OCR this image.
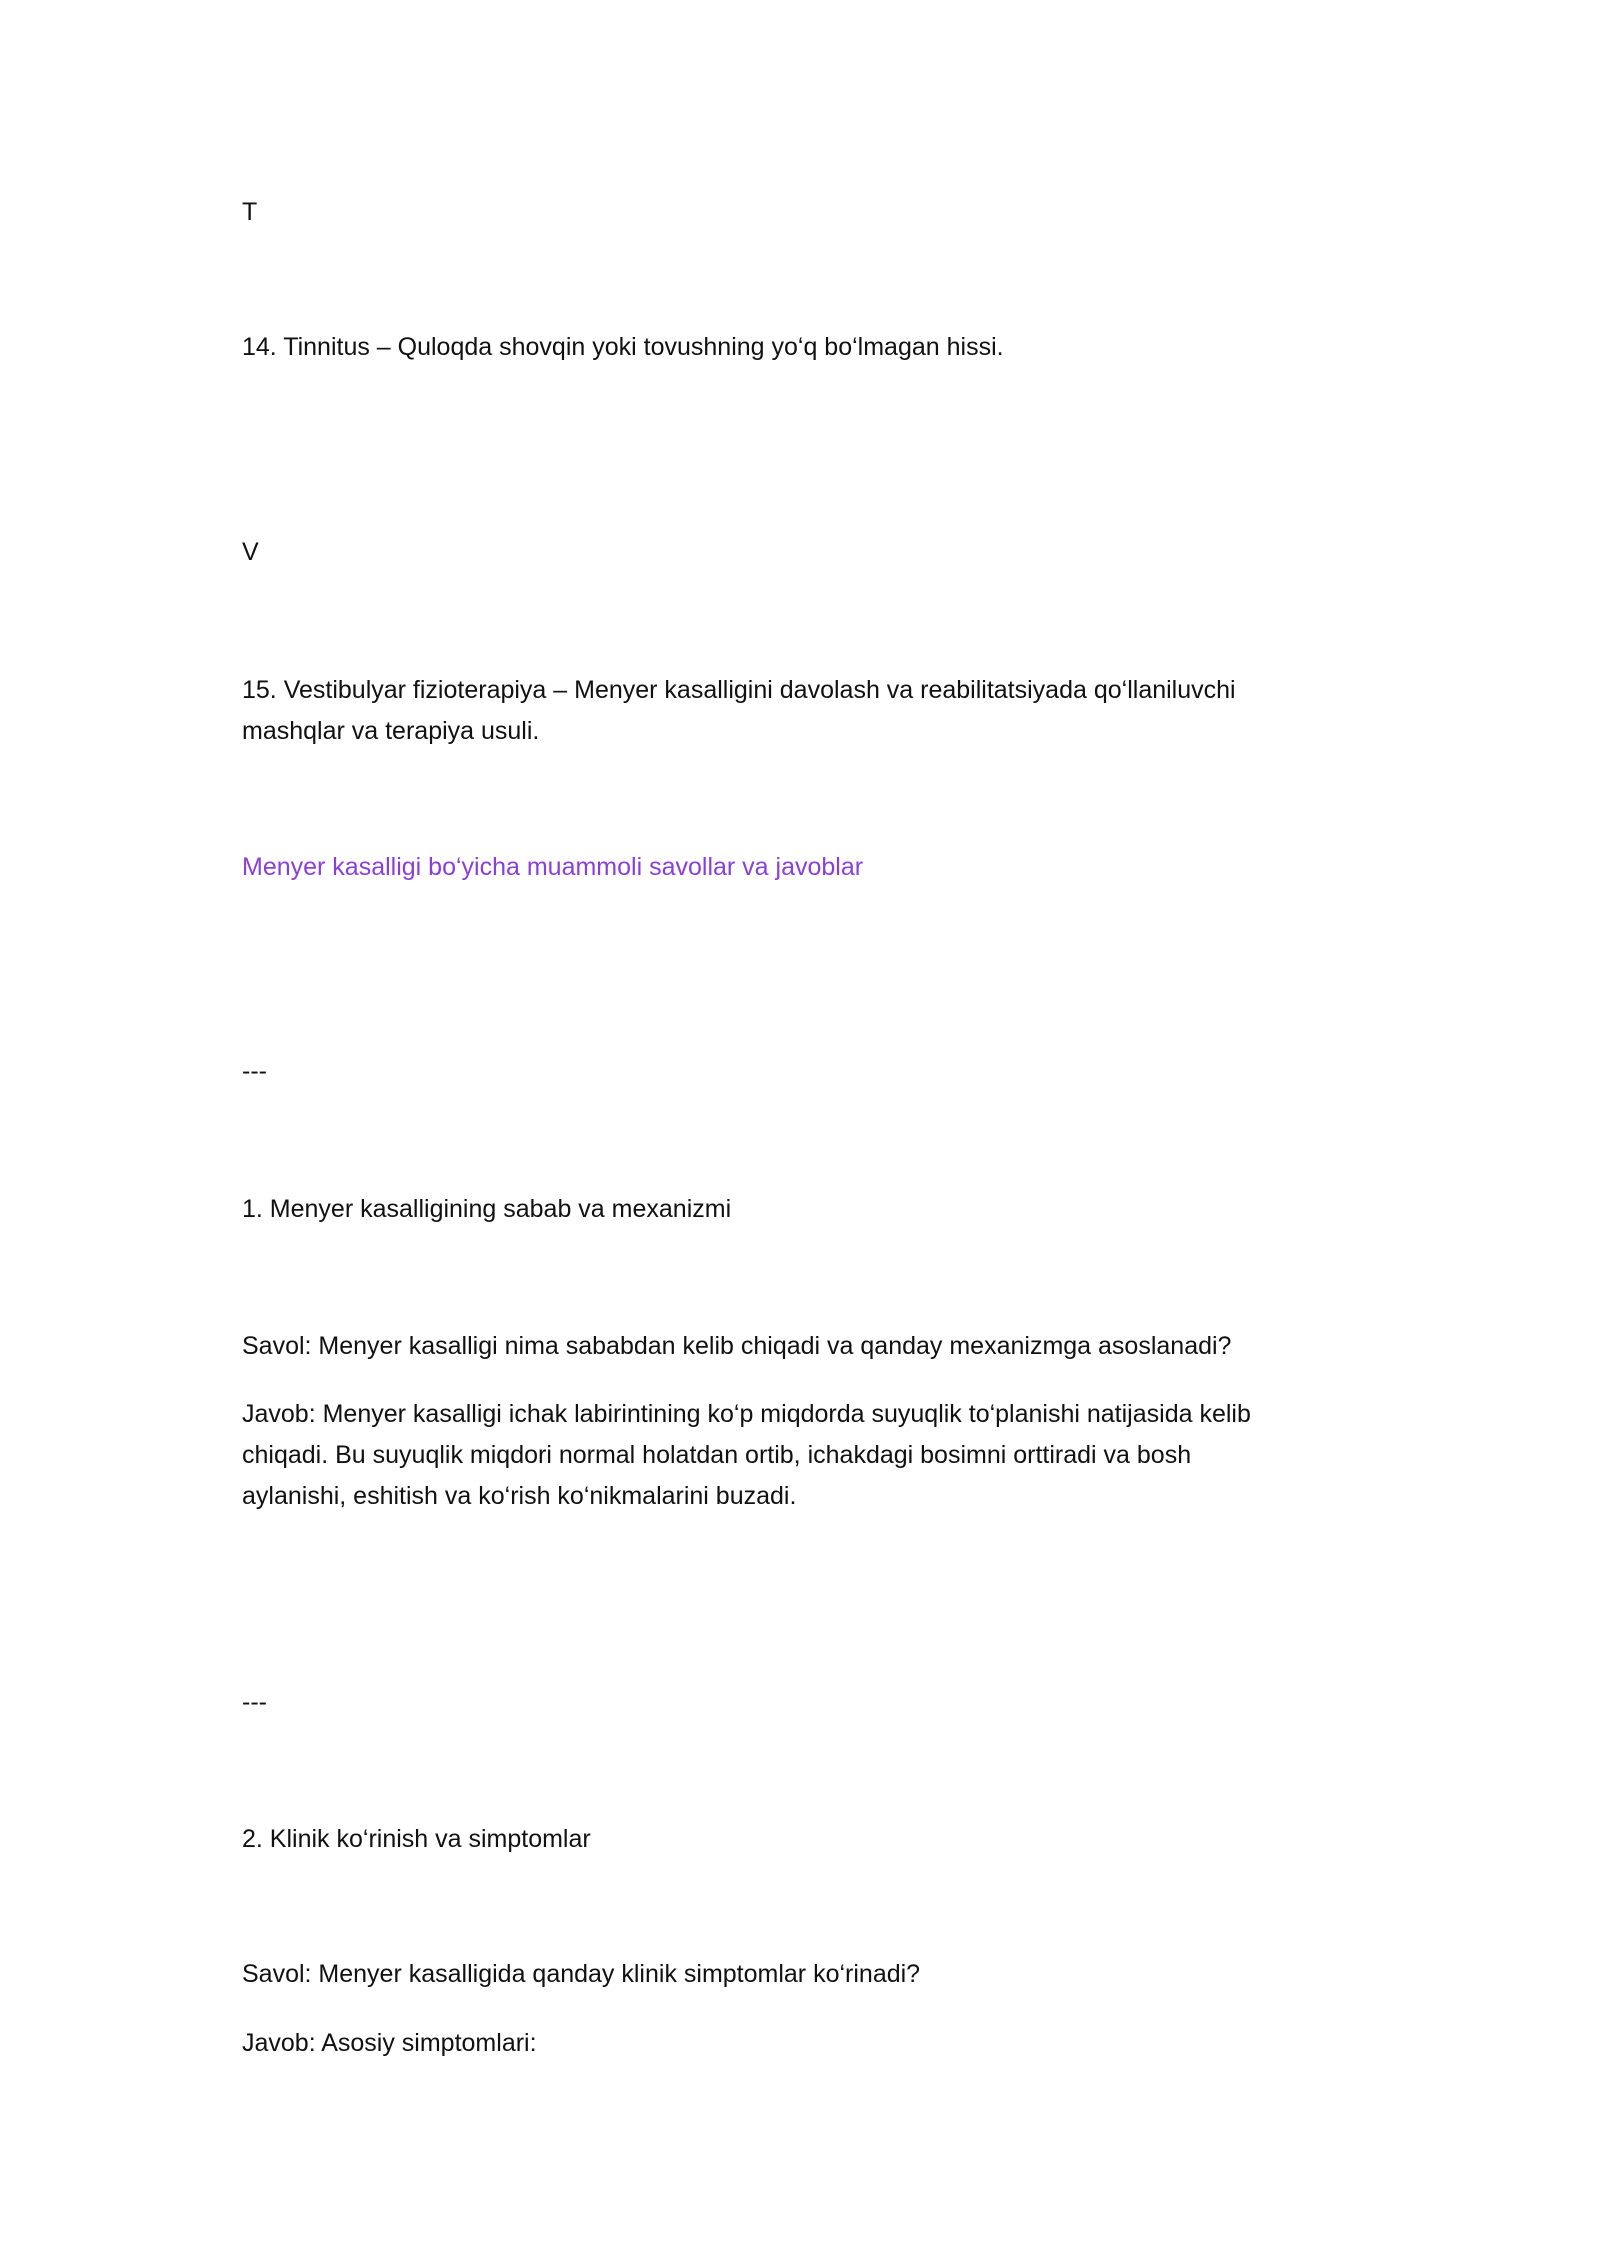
T
14. Tinnitus – Quloqda shovqin yoki tovushning yo‘q bo‘lmagan hissi.
V
15. Vestibulyar fizioterapiya – Menyer kasalligini davolash va reabilitatsiyada qo‘llaniluvchi
mashqlar va terapiya usuli.
Menyer kasalligi bo‘yicha muammoli savollar va javoblar
---
1. Menyer kasalligining sabab va mexanizmi
Savol: Menyer kasalligi nima sababdan kelib chiqadi va qanday mexanizmga asoslanadi?
Javob: Menyer kasalligi ichak labirintining ko‘p miqdorda suyuqlik to‘planishi natijasida kelib
chiqadi. Bu suyuqlik miqdori normal holatdan ortib, ichakdagi bosimni orttiradi va bosh
aylanishi, eshitish va ko‘rish ko‘nikmalarini buzadi.
---
2. Klinik ko‘rinish va simptomlar
Savol: Menyer kasalligida qanday klinik simptomlar ko‘rinadi?
Javob: Asosiy simptomlari:
